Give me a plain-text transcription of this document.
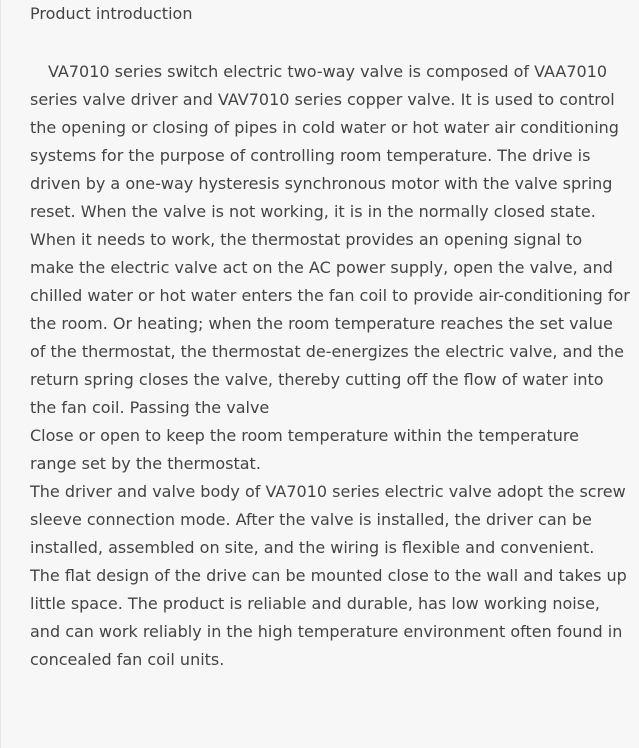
Product introduction

VA7010 series switch electric two-way valve is composed of VAA7010 series valve driver and VAV7010 series copper valve. It is used to control the opening or closing of pipes in cold water or hot water air conditioning systems for the purpose of controlling room temperature. The drive is driven by a one-way hysteresis synchronous motor with the valve spring reset. When the valve is not working, it is in the normally closed state. When it needs to work, the thermostat provides an opening signal to make the electric valve act on the AC power supply, open the valve, and chilled water or hot water enters the fan coil to provide air-conditioning for the room. Or heating; when the room temperature reaches the set value of the thermostat, the thermostat de-energizes the electric valve, and the return spring closes the valve, thereby cutting off the flow of water into the fan coil. Passing the valve

Close or open to keep the room temperature within the temperature range set by the thermostat.

The driver and valve body of VA7010 series electric valve adopt the screw sleeve connection mode. After the valve is installed, the driver can be installed, assembled on site, and the wiring is flexible and convenient.

The flat design of the drive can be mounted close to the wall and takes up little space. The product is reliable and durable, has low working noise, and can work reliably in the high temperature environment often found in concealed fan coil units.
